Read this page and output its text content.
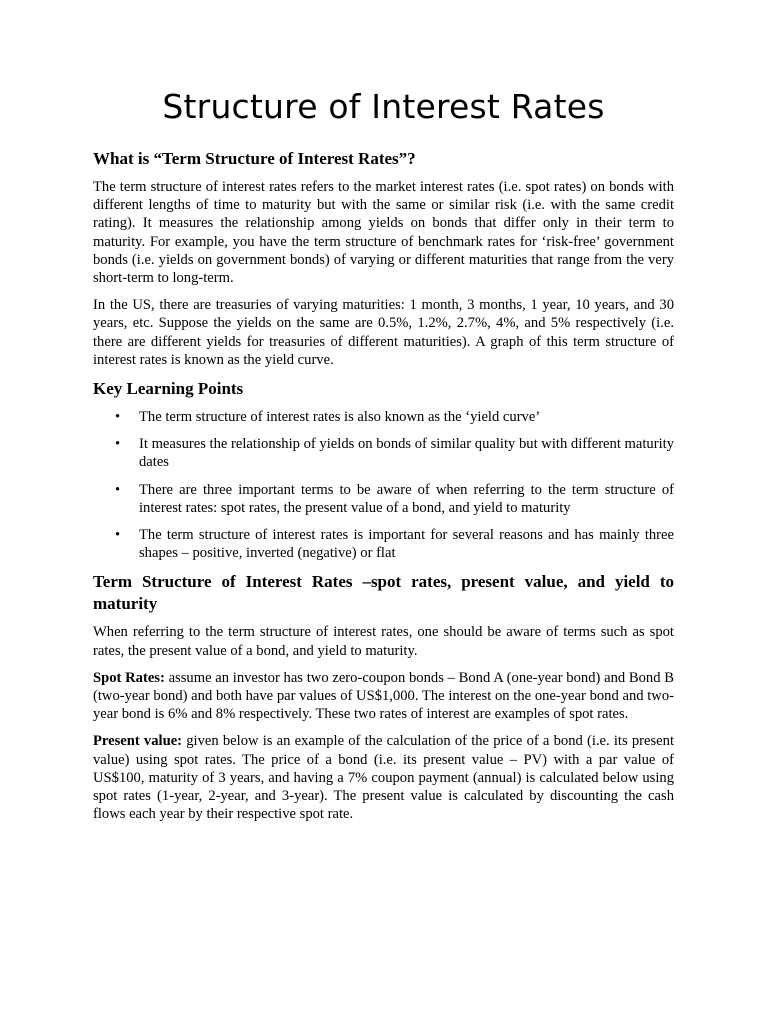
Structure of Interest Rates
What is “Term Structure of Interest Rates”?

The term structure of interest rates refers to the market interest rates (i.e. spot rates) on bonds with different lengths of time to maturity but with the same or similar risk (i.e. with the same credit rating). It measures the relationship among yields on bonds that differ only in their term to maturity. For example, you have the term structure of benchmark rates for ‘risk-free’ government bonds (i.e. yields on government bonds) of varying or different maturities that range from the very short-term to long-term.

In the US, there are treasuries of varying maturities: 1 month, 3 months, 1 year, 10 years, and 30 years, etc. Suppose the yields on the same are 0.5%, 1.2%, 2.7%, 4%, and 5% respectively (i.e. there are different yields for treasuries of different maturities). A graph of this term structure of interest rates is known as the yield curve.

Key Learning Points
• The term structure of interest rates is also known as the ‘yield curve’
• It measures the relationship of yields on bonds of similar quality but with different maturity dates
• There are three important terms to be aware of when referring to the term structure of interest rates: spot rates, the present value of a bond, and yield to maturity
• The term structure of interest rates is important for several reasons and has mainly three shapes – positive, inverted (negative) or flat
Term Structure of Interest Rates –spot rates, present value, and yield to maturity

When referring to the term structure of interest rates, one should be aware of terms such as spot rates, the present value of a bond, and yield to maturity.

Spot Rates: assume an investor has two zero-coupon bonds – Bond A (one-year bond) and Bond B (two-year bond) and both have par values of US$1,000. The interest on the one-year bond and two-year bond is 6% and 8% respectively. These two rates of interest are examples of spot rates.

Present value: given below is an example of the calculation of the price of a bond (i.e. its present value) using spot rates. The price of a bond (i.e. its present value – PV) with a par value of US$100, maturity of 3 years, and having a 7% coupon payment (annual) is calculated below using spot rates (1-year, 2-year, and 3-year). The present value is calculated by discounting the cash flows each year by their respective spot rate.
